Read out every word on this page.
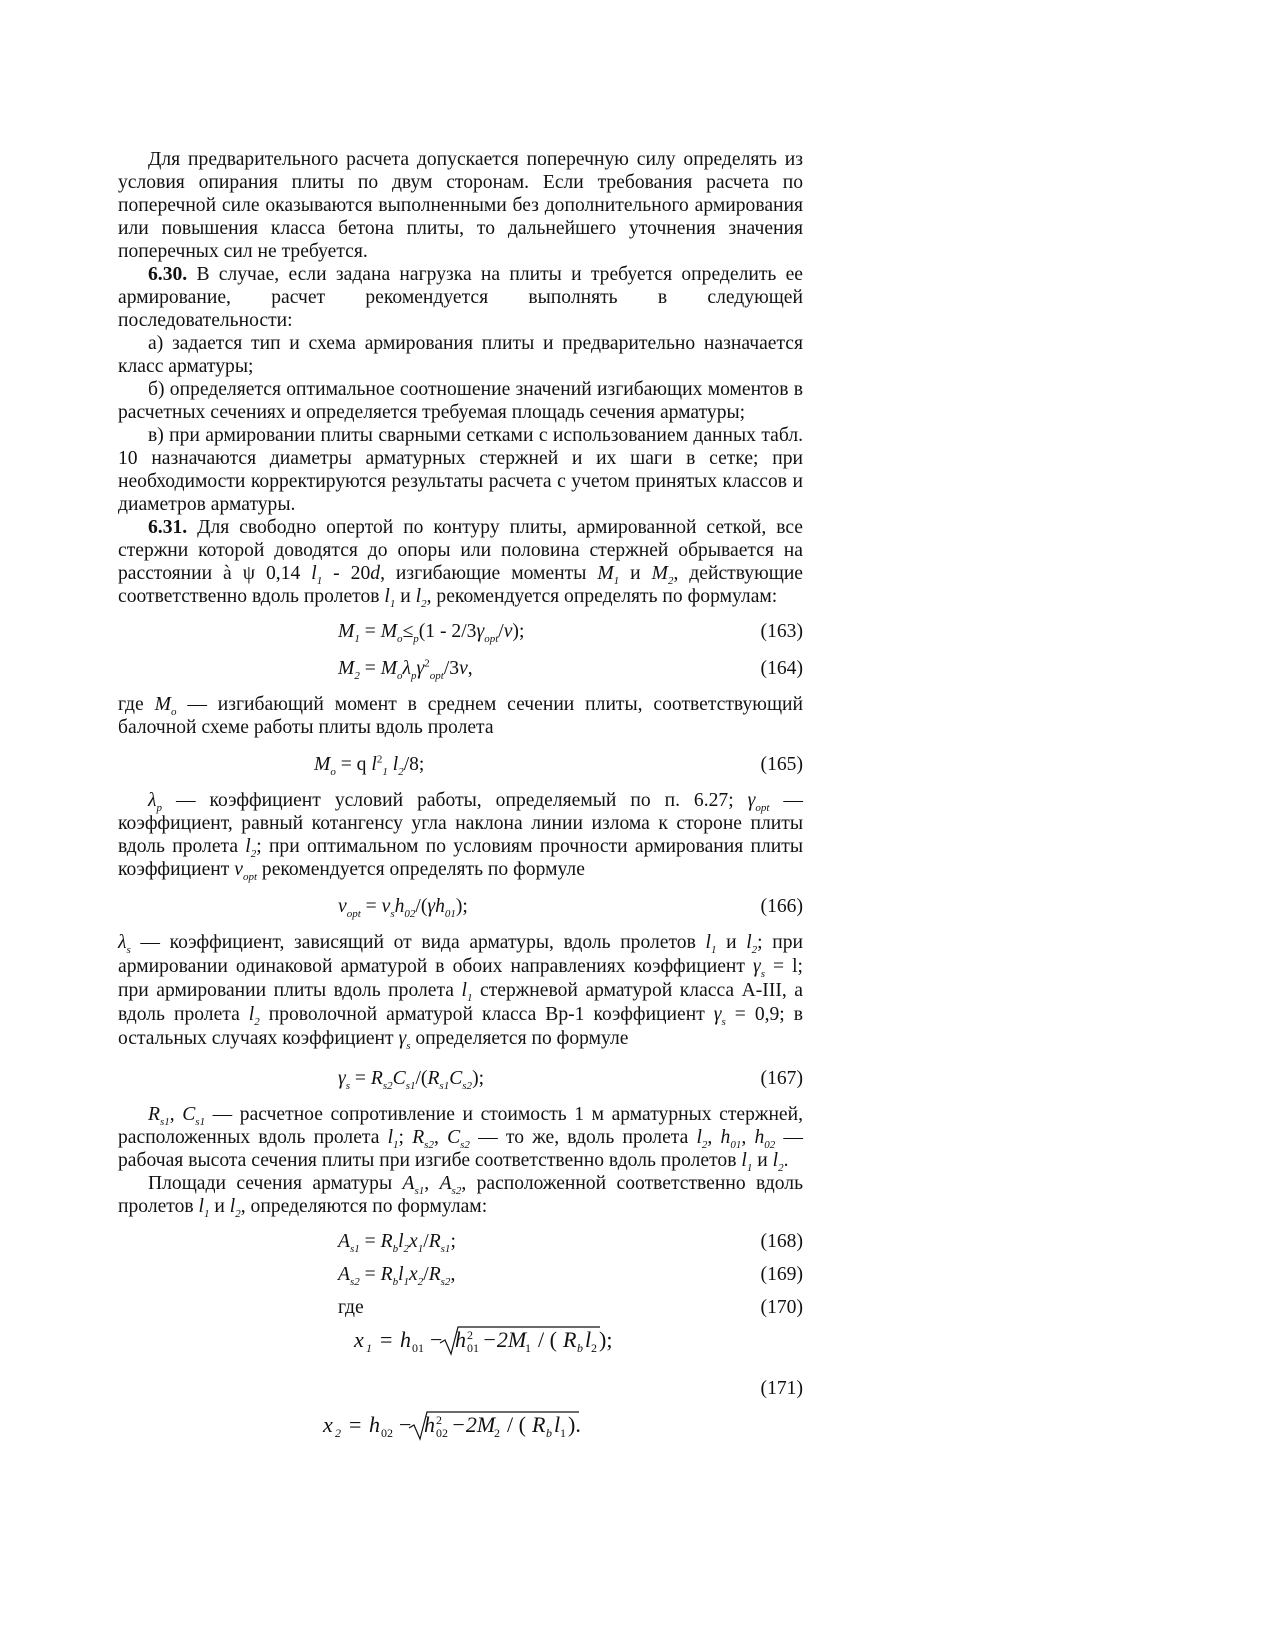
Для предварительного расчета допускается поперечную силу определять из условия опирания плиты по двум сторонам. Если требования расчета по поперечной силе оказываются выполненными без дополнительного армирования или повышения класса бетона плиты, то дальнейшего уточнения значения поперечных сил не требуется.

6.30. В случае, если задана нагрузка на плиты и требуется определить ее армирование, расчет рекомендуется выполнять в следующей последовательности:

а) задается тип и схема армирования плиты и предварительно назначается класс арматуры;

б) определяется оптимальное соотношение значений изгибающих моментов в расчетных сечениях и определяется требуемая площадь сечения арматуры;

в) при армировании плиты сварными сетками с использованием данных табл. 10 назначаются диаметры арматурных стержней и их шаги в сетке; при необходимости корректируются результаты расчета с учетом принятых классов и диаметров арматуры.

6.31. Для свободно опертой по контуру плиты, армированной сеткой, все стержни которой доводятся до опоры или половина стержней обрывается на расстоянии à ψ 0,14 $l_1 - 20d$, изгибающие моменты $M_1$ и $M_2$, действующие соответственно вдоль пролетов $l_1$ и $l_2$, рекомендуется определять по формулам:

$M_1 = M_o\le_p(1 - 2/3\gamma_{opt}/\nu)$;	(163)
$M_2 = M_o\lambda_p\gamma^2_{opt}/3\nu$,	(164)

где $M_o$ — изгибающий момент в среднем сечении плиты, соответствующий балочной схеме работы плиты вдоль пролета

$M_o = q$ $l^2_1$ $l_2/8$;	(165)

$\lambda_p$ — коэффициент условий работы, определяемый по п. 6.27; $\gamma_{opt}$ — коэффициент, равный котангенсу угла наклона линии излома к стороне плиты вдоль пролета $l_2$; при оптимальном по условиям прочности армирования плиты коэффициент $\nu_{opt}$ рекомендуется определять по формуле

$\nu_{opt} = \nu_sh_{02}/(\gamma h_{01})$;	(166)

$\lambda_s$ — коэффициент, зависящий от вида арматуры, вдоль пролетов $l_1$ и $l_2$; при армировании одинаковой арматурой в обоих направлениях коэффициент $\gamma_s = l$; при армировании плиты вдоль пролета $l_1$ стержневой арматурой класса A-III, а вдоль пролета $l_2$ проволочной арматурой класса Вр-1 коэффициент $\gamma_s = 0,9$; в остальных случаях коэффициент $\gamma_s$ определяется по формуле

$\gamma_s = R_{s2}C_{s1}/(R_{s1}C_{s2})$;	(167)

$R_{s1}$, $C_{s1}$ — расчетное сопротивление и стоимость 1 м арматурных стержней, расположенных вдоль пролета $l_1$; $R_{s2}$, $C_{s2}$ — то же, вдоль пролета $l_2$, $h_{01}$, $h_{02}$ — рабочая высота сечения плиты при изгибе соответственно вдоль пролетов $l_1$ и $l_2$.

Площади сечения арматуры $A_{s1}$, $A_{s2}$, расположенной соответственно вдоль пролетов $l_1$ и $l_2$, определяются по формулам:

$A_{s1} = R_bl_2x_1/R_{s1}$;	(168)
$A_{s2} = R_bl_1x_2/R_{s2}$,	(169)
где	(170)
x 1 = h 01 − h 2
01 −2M
1 / ( R b l 2 );
(171)
x 2 = h 02 − h 2
02 −2M
2 / ( R b l 1 ).
